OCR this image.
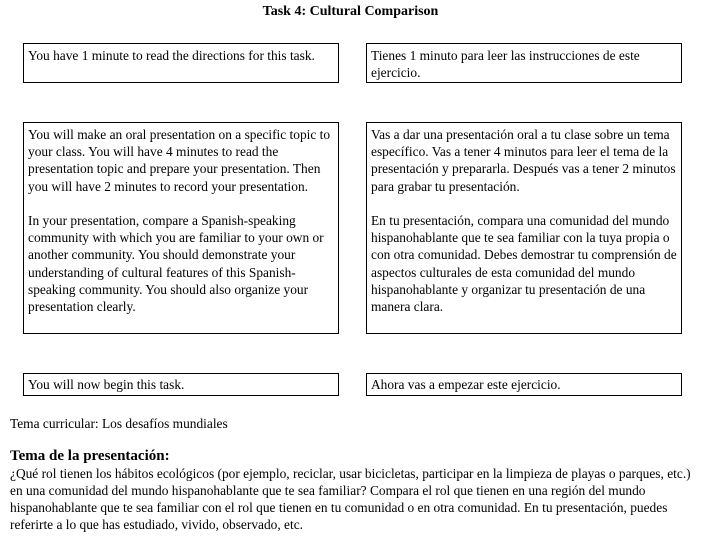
Task 4: Cultural Comparison

You have 1 minute to read the directions for this task.	Tienes 1 minuto para leer las instrucciones de este ejercicio.

You will make an oral presentation on a specific topic to your class. You will have 4 minutes to read the presentation topic and prepare your presentation. Then you will have 2 minutes to record your presentation.

In your presentation, compare a Spanish-speaking community with which you are familiar to your own or another community. You should demonstrate your understanding of cultural features of this Spanish-speaking community. You should also organize your presentation clearly.

Vas a dar una presentación oral a tu clase sobre un tema específico. Vas a tener 4 minutos para leer el tema de la presentación y prepararla. Después vas a tener 2 minutos para grabar tu presentación.

En tu presentación, compara una comunidad del mundo hispanohablante que te sea familiar con la tuya propia o con otra comunidad. Debes demostrar tu comprensión de aspectos culturales de esta comunidad del mundo hispanohablante y organizar tu presentación de una manera clara.

You will now begin this task.	Ahora vas a empezar este ejercicio.

Tema curricular: Los desafíos mundiales
Tema de la presentación:
¿Qué rol tienen los hábitos ecológicos (por ejemplo, reciclar, usar bicicletas, participar en la limpieza de playas o parques, etc.) en una comunidad del mundo hispanohablante que te sea familiar? Compara el rol que tienen en una región del mundo hispanohablante que te sea familiar con el rol que tienen en tu comunidad o en otra comunidad. En tu presentación, puedes referirte a lo que has estudiado, vivido, observado, etc.
